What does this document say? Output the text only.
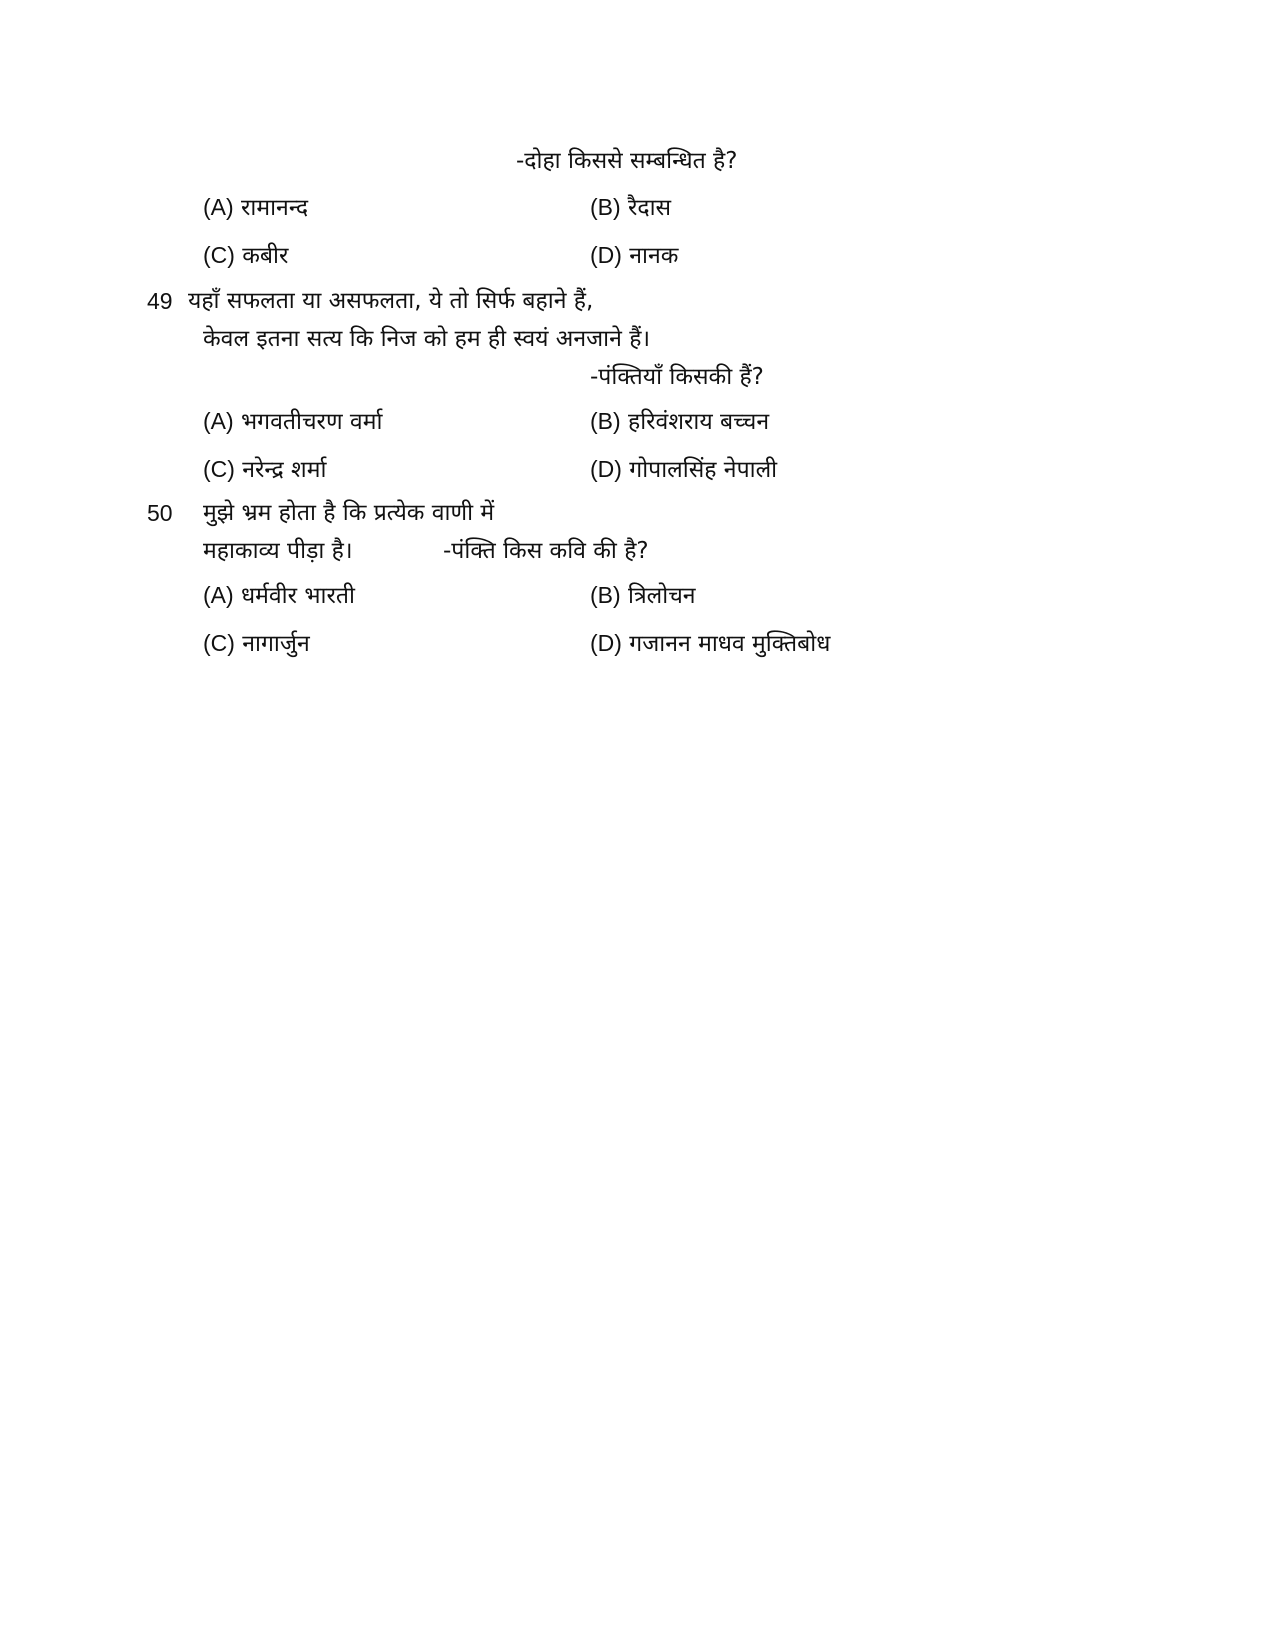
-दोहा किससे सम्बन्धित है?
(A) रामानन्द	(B) रैदास
(C) कबीर	(D) नानक
49 यहाँ सफलता या असफलता, ये तो सिर्फ बहाने हैं,
केवल इतना सत्य कि निज को हम ही स्वयं अनजाने हैं।
-पंक्तियाँ किसकी हैं?
(A) भगवतीचरण वर्मा	(B) हरिवंशराय बच्चन
(C) नरेन्द्र शर्मा	(D) गोपालसिंह नेपाली
50 मुझे भ्रम होता है कि प्रत्येक वाणी में
महाकाव्य पीड़ा है।	-पंक्ति किस कवि की है?
(A) धर्मवीर भारती	(B) त्रिलोचन
(C) नागार्जुन	(D) गजानन माधव मुक्तिबोध
